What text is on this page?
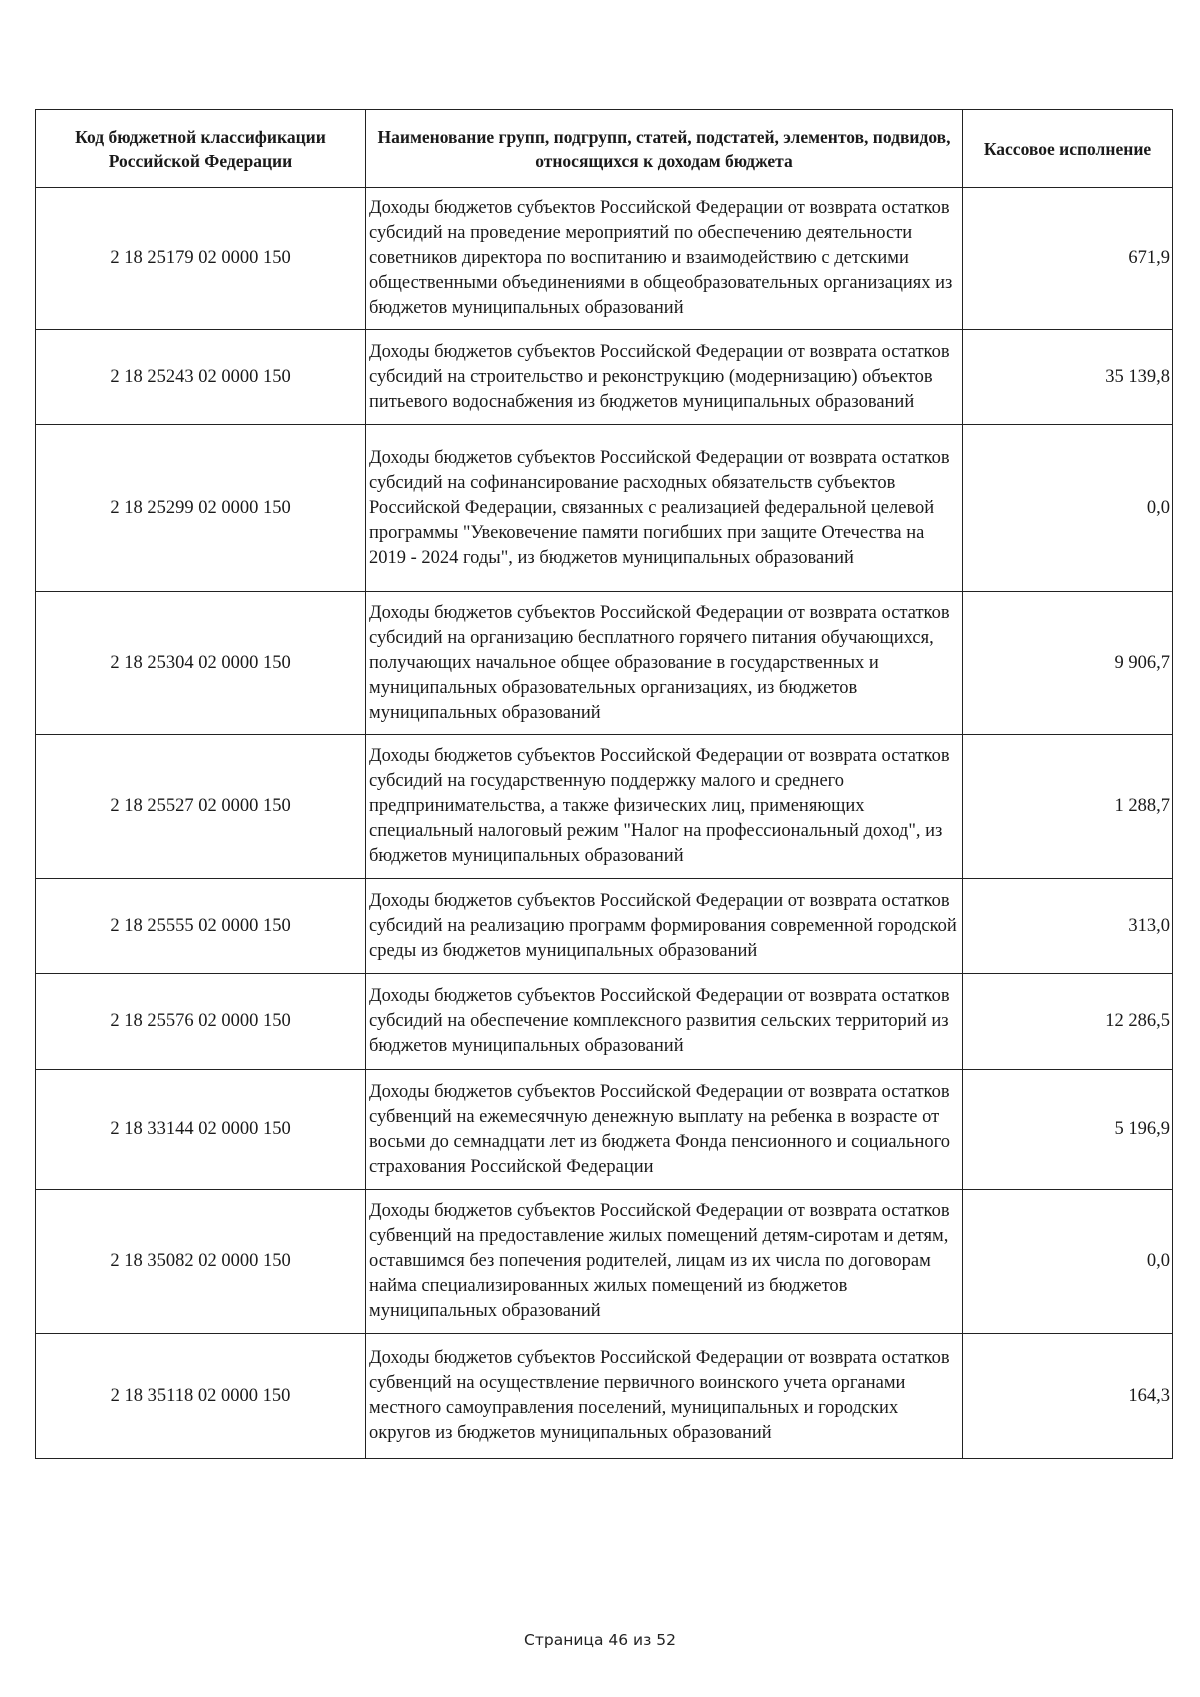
Код бюджетной классификации Российской Федерации	Наименование групп, подгрупп, статей, подстатей, элементов, подвидов, относящихся к доходам бюджета	Кассовое исполнение
2 18 25179 02 0000 150	Доходы бюджетов субъектов Российской Федерации от возврата остатков субсидий на проведение мероприятий по обеспечению деятельности советников директора по воспитанию и взаимодействию с детскими общественными объединениями в общеобразовательных организациях из бюджетов муниципальных образований	671,9
2 18 25243 02 0000 150	Доходы бюджетов субъектов Российской Федерации от возврата остатков субсидий на строительство и реконструкцию (модернизацию) объектов питьевого водоснабжения из бюджетов муниципальных образований	35 139,8
2 18 25299 02 0000 150	Доходы бюджетов субъектов Российской Федерации от возврата остатков субсидий на софинансирование расходных обязательств субъектов Российской Федерации, связанных с реализацией федеральной целевой программы "Увековечение памяти погибших при защите Отечества на 2019 - 2024 годы", из бюджетов муниципальных образований	0,0
2 18 25304 02 0000 150	Доходы бюджетов субъектов Российской Федерации от возврата остатков субсидий на организацию бесплатного горячего питания обучающихся, получающих начальное общее образование в государственных и муниципальных образовательных организациях, из бюджетов муниципальных образований	9 906,7
2 18 25527 02 0000 150	Доходы бюджетов субъектов Российской Федерации от возврата остатков субсидий на государственную поддержку малого и среднего предпринимательства, а также физических лиц, применяющих специальный налоговый режим "Налог на профессиональный доход", из бюджетов муниципальных образований	1 288,7
2 18 25555 02 0000 150	Доходы бюджетов субъектов Российской Федерации от возврата остатков субсидий на реализацию программ формирования современной городской среды из бюджетов муниципальных образований	313,0
2 18 25576 02 0000 150	Доходы бюджетов субъектов Российской Федерации от возврата остатков субсидий на обеспечение комплексного развития сельских территорий из бюджетов муниципальных образований	12 286,5
2 18 33144 02 0000 150	Доходы бюджетов субъектов Российской Федерации от возврата остатков субвенций на ежемесячную денежную выплату на ребенка в возрасте от восьми до семнадцати лет из бюджета Фонда пенсионного и социального страхования Российской Федерации	5 196,9
2 18 35082 02 0000 150	Доходы бюджетов субъектов Российской Федерации от возврата остатков субвенций на предоставление жилых помещений детям-сиротам и детям, оставшимся без попечения родителей, лицам из их числа по договорам найма специализированных жилых помещений из бюджетов муниципальных образований	0,0
2 18 35118 02 0000 150	Доходы бюджетов субъектов Российской Федерации от возврата остатков субвенций на осуществление первичного воинского учета органами местного самоуправления поселений, муниципальных и городских округов из бюджетов муниципальных образований	164,3
Страница 46 из 52
